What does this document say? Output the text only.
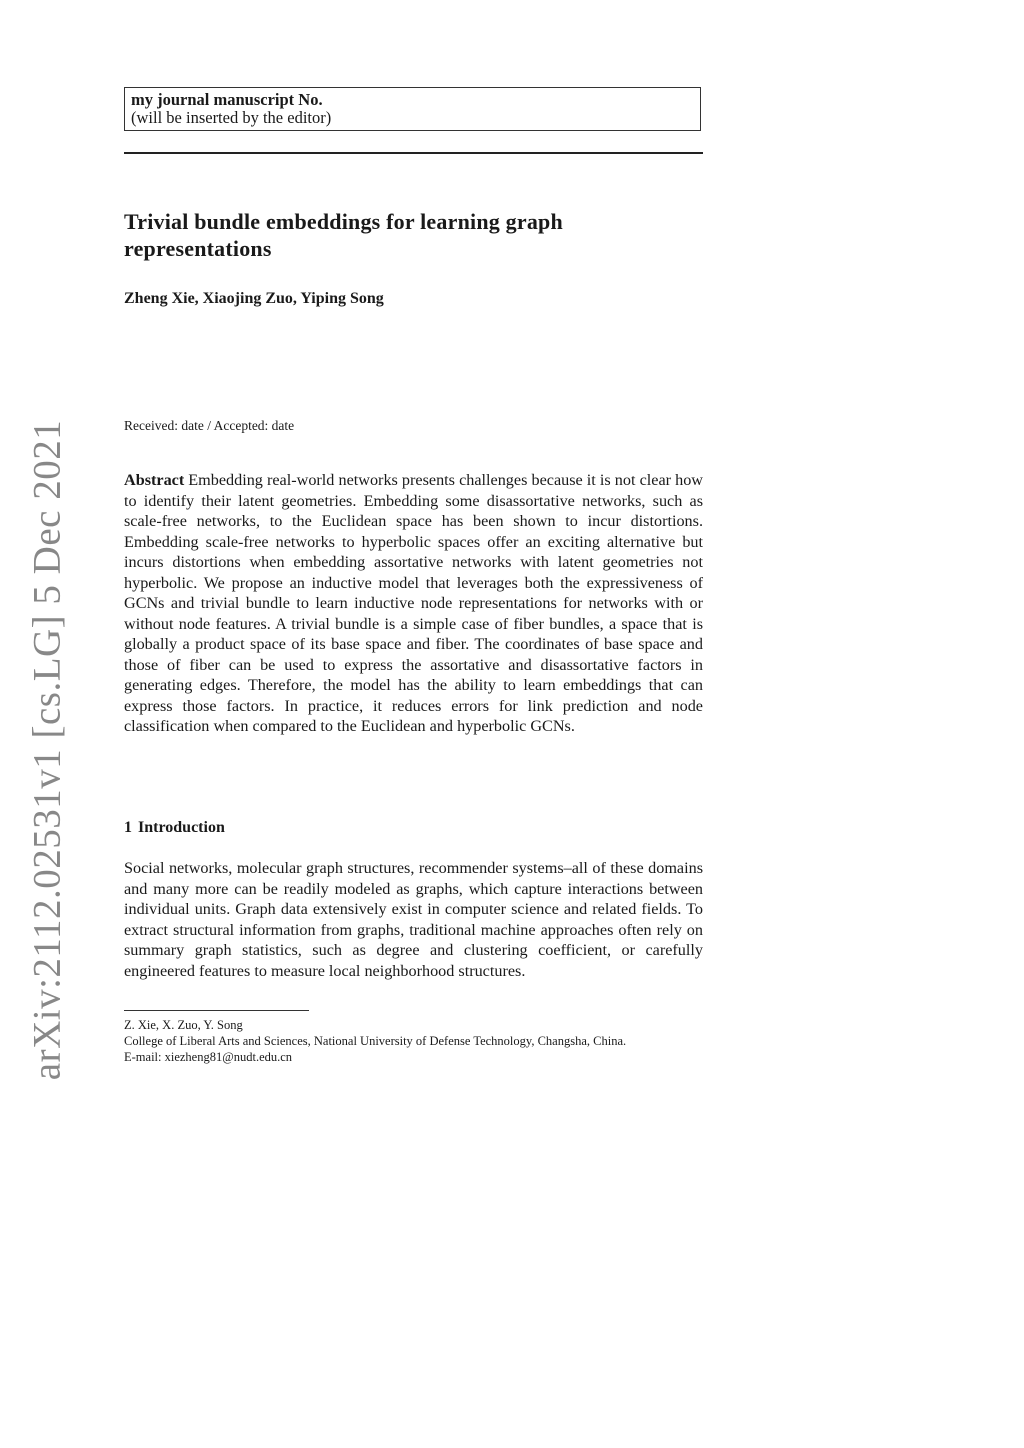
my journal manuscript No.
(will be inserted by the editor)
Trivial bundle embeddings for learning graph representations
Zheng Xie, Xiaojing Zuo, Yiping Song
Received: date / Accepted: date
Abstract Embedding real-world networks presents challenges because it is not clear how to identify their latent geometries. Embedding some disassortative networks, such as scale-free networks, to the Euclidean space has been shown to incur distortions. Embedding scale-free networks to hyperbolic spaces offer an exciting alternative but incurs distortions when embedding assortative networks with latent geometries not hyperbolic. We propose an inductive model that leverages both the expressiveness of GCNs and trivial bundle to learn inductive node representations for networks with or without node features. A trivial bundle is a simple case of fiber bundles, a space that is globally a product space of its base space and fiber. The coordinates of base space and those of fiber can be used to express the assortative and disassortative factors in generating edges. Therefore, the model has the ability to learn embeddings that can express those factors. In practice, it reduces errors for link prediction and node classification when compared to the Euclidean and hyperbolic GCNs.
1 Introduction
Social networks, molecular graph structures, recommender systems–all of these domains and many more can be readily modeled as graphs, which capture interactions between individual units. Graph data extensively exist in computer science and related fields. To extract structural information from graphs, traditional machine approaches often rely on summary graph statistics, such as degree and clustering coefficient, or carefully engineered features to measure local neighborhood structures.
Z. Xie, X. Zuo, Y. Song
College of Liberal Arts and Sciences, National University of Defense Technology, Changsha, China.
E-mail: xiezheng81@nudt.edu.cn
arXiv:2112.02531v1 [cs.LG] 5 Dec 2021
